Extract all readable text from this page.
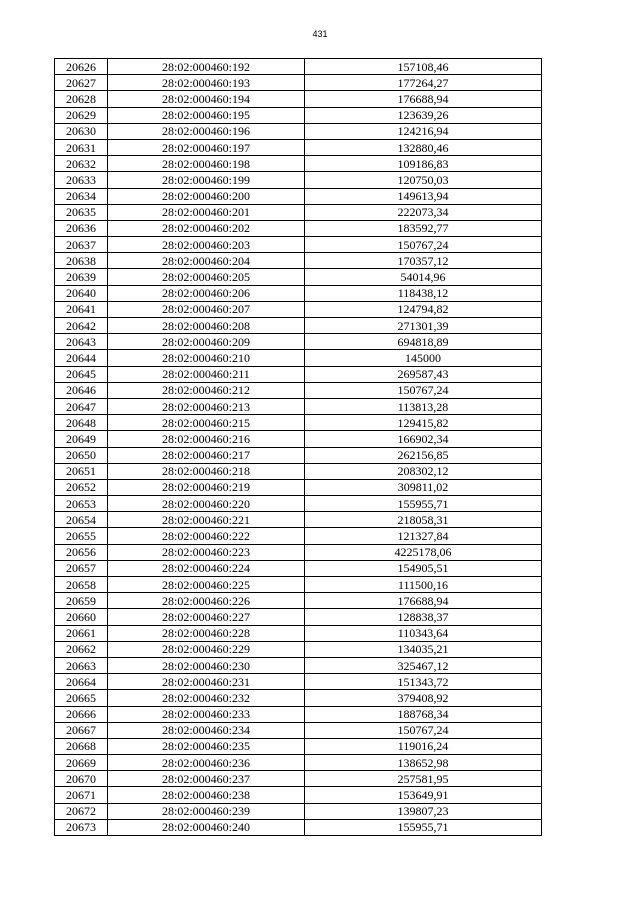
431
20626	28:02:000460:192	157108,46
20627	28:02:000460:193	177264,27
20628	28:02:000460:194	176688,94
20629	28:02:000460:195	123639,26
20630	28:02:000460:196	124216,94
20631	28:02:000460:197	132880,46
20632	28:02:000460:198	109186,83
20633	28:02:000460:199	120750,03
20634	28:02:000460:200	149613,94
20635	28:02:000460:201	222073,34
20636	28:02:000460:202	183592,77
20637	28:02:000460:203	150767,24
20638	28:02:000460:204	170357,12
20639	28:02:000460:205	54014,96
20640	28:02:000460:206	118438,12
20641	28:02:000460:207	124794,82
20642	28:02:000460:208	271301,39
20643	28:02:000460:209	694818,89
20644	28:02:000460:210	145000
20645	28:02:000460:211	269587,43
20646	28:02:000460:212	150767,24
20647	28:02:000460:213	113813,28
20648	28:02:000460:215	129415,82
20649	28:02:000460:216	166902,34
20650	28:02:000460:217	262156,85
20651	28:02:000460:218	208302,12
20652	28:02:000460:219	309811,02
20653	28:02:000460:220	155955,71
20654	28:02:000460:221	218058,31
20655	28:02:000460:222	121327,84
20656	28:02:000460:223	4225178,06
20657	28:02:000460:224	154905,51
20658	28:02:000460:225	111500,16
20659	28:02:000460:226	176688,94
20660	28:02:000460:227	128838,37
20661	28:02:000460:228	110343,64
20662	28:02:000460:229	134035,21
20663	28:02:000460:230	325467,12
20664	28:02:000460:231	151343,72
20665	28:02:000460:232	379408,92
20666	28:02:000460:233	188768,34
20667	28:02:000460:234	150767,24
20668	28:02:000460:235	119016,24
20669	28:02:000460:236	138652,98
20670	28:02:000460:237	257581,95
20671	28:02:000460:238	153649,91
20672	28:02:000460:239	139807,23
20673	28:02:000460:240	155955,71
